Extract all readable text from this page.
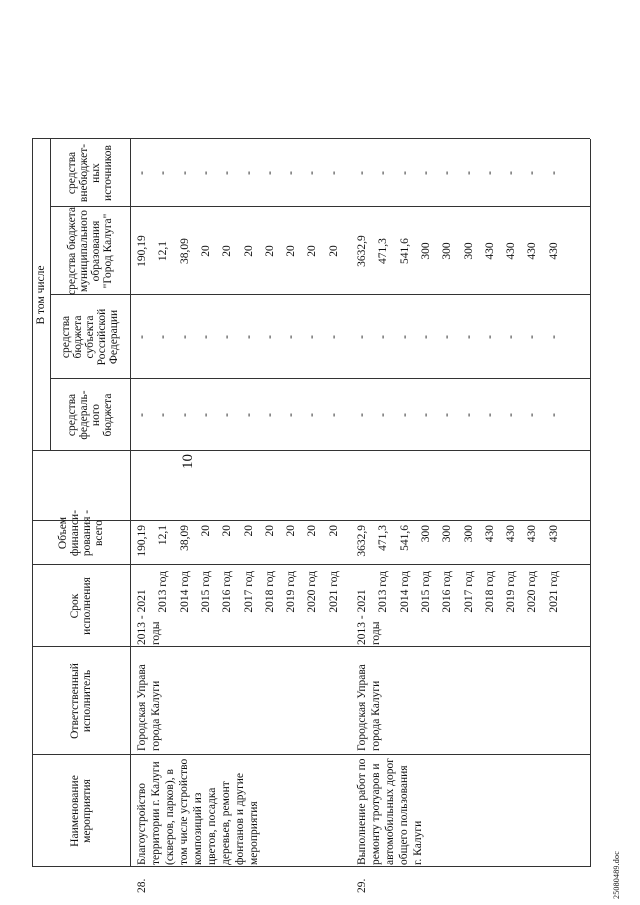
10
25080489.doc
Наименование
мероприятия
Ответственный
исполнитель
Срок
исполнения
Объем
финанси-
рования -
всего
В том числе
средства
федераль-
ного
бюджета
средства бюджета
субъекта
Российской
Федерации
средства бюджета
муниципального
образования
"Город Калуга"
средства
внебюджет-
ных
источников
28.
Благоустройство территории г. Калуги (скверов, парков), в том числе устройство композиций из цветов, посадка деревьев, ремонт фонтанов и другие мероприятия
Городская Управа города Калуги
2013 - 2021 годы
190,19
-
-
190,19
-
2013 год
12,1
-
-
12,1
-
2014 год
38,09
-
-
38,09
-
2015 год
20
-
-
20
-
2016 год
20
-
-
20
-
2017 год
20
-
-
20
-
2018 год
20
-
-
20
-
2019 год
20
-
-
20
-
2020 год
20
-
-
20
-
2021 год
20
-
-
20
-
29.
Выполнение работ по ремонту тротуаров и автомобильных дорог общего пользования г. Калуги
Городская Управа города Калуги
2013 - 2021 годы
3632,9
-
-
3632,9
-
2013 год
471,3
-
-
471,3
-
2014 год
541,6
-
-
541,6
-
2015 год
300
-
-
300
-
2016 год
300
-
-
300
-
2017 год
300
-
-
300
-
2018 год
430
-
-
430
-
2019 год
430
-
-
430
-
2020 год
430
-
-
430
-
2021 год
430
-
-
430
-
